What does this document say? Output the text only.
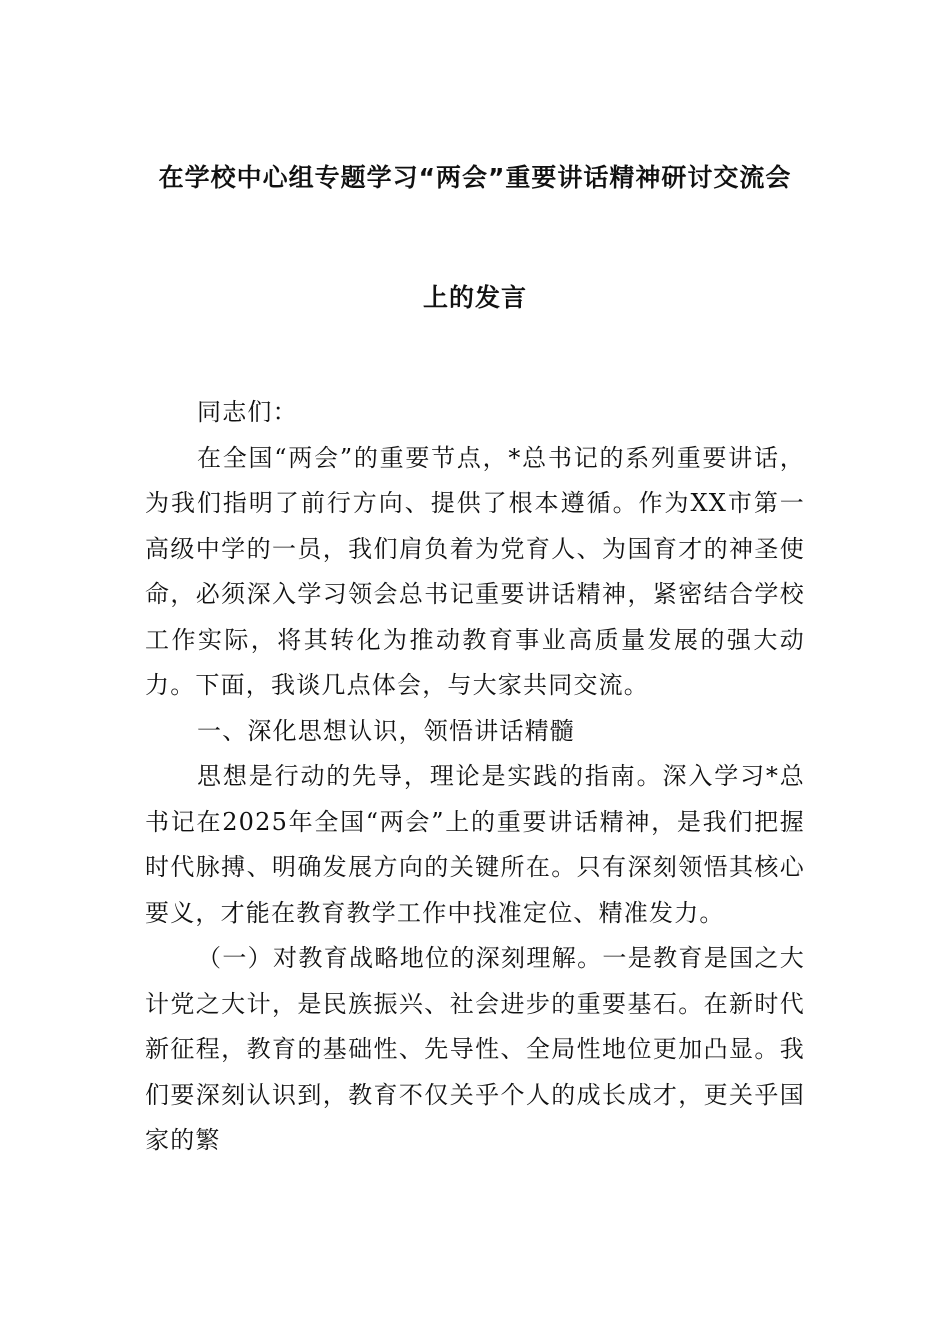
在学校中心组专题学习“两会”重要讲话精神研讨交流会
上的发言

同志们：

在全国“两会”的重要节点，*总书记的系列重要讲话，为我们指明了前行方向、提供了根本遵循。作为XX市第一高级中学的一员，我们肩负着为党育人、为国育才的神圣使命，必须深入学习领会总书记重要讲话精神，紧密结合学校工作实际，将其转化为推动教育事业高质量发展的强大动力。下面，我谈几点体会，与大家共同交流。

一、深化思想认识，领悟讲话精髓

思想是行动的先导，理论是实践的指南。深入学习*总书记在2025年全国“两会”上的重要讲话精神，是我们把握时代脉搏、明确发展方向的关键所在。只有深刻领悟其核心要义，才能在教育教学工作中找准定位、精准发力。

（一）对教育战略地位的深刻理解。一是教育是国之大计党之大计，是民族振兴、社会进步的重要基石。在新时代新征程，教育的基础性、先导性、全局性地位更加凸显。我们要深刻认识到，教育不仅关乎个人的成长成才，更关乎国家的繁
